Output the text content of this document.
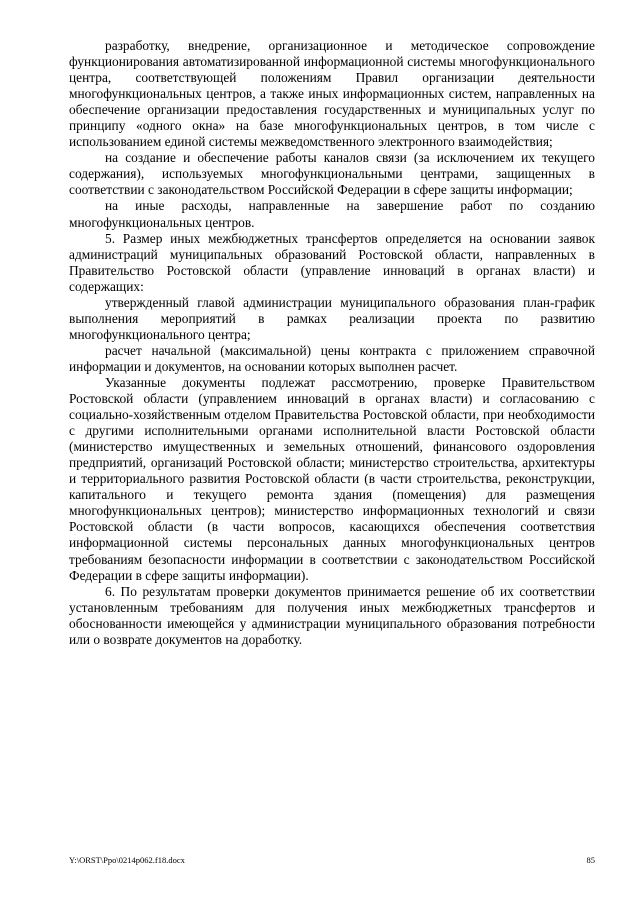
разработку, внедрение, организационное и методическое сопровождение функционирования автоматизированной информационной системы многофункционального центра, соответствующей положениям Правил организации деятельности многофункциональных центров, а также иных информационных систем, направленных на обеспечение организации предоставления государственных и муниципальных услуг по принципу «одного окна» на базе многофункциональных центров, в том числе с использованием единой системы межведомственного электронного взаимодействия;

на создание и обеспечение работы каналов связи (за исключением их текущего содержания), используемых многофункциональными центрами, защищенных в соответствии с законодательством Российской Федерации в сфере защиты информации;

на иные расходы, направленные на завершение работ по созданию многофункциональных центров.

5. Размер иных межбюджетных трансфертов определяется на основании заявок администраций муниципальных образований Ростовской области, направленных в Правительство Ростовской области (управление инноваций в органах власти) и содержащих:

утвержденный главой администрации муниципального образования план-график выполнения мероприятий в рамках реализации проекта по развитию многофункционального центра;

расчет начальной (максимальной) цены контракта с приложением справочной информации и документов, на основании которых выполнен расчет.

Указанные документы подлежат рассмотрению, проверке Правительством Ростовской области (управлением инноваций в органах власти) и согласованию с социально-хозяйственным отделом Правительства Ростовской области, при необходимости с другими исполнительными органами исполнительной власти Ростовской области (министерство имущественных и земельных отношений, финансового оздоровления предприятий, организаций Ростовской области; министерство строительства, архитектуры и территориального развития Ростовской области (в части строительства, реконструкции, капитального и текущего ремонта здания (помещения) для размещения многофункциональных центров); министерство информационных технологий и связи Ростовской области (в части вопросов, касающихся обеспечения соответствия информационной системы персональных данных многофункциональных центров требованиям безопасности информации в соответствии с законодательством Российской Федерации в сфере защиты информации).

6. По результатам проверки документов принимается решение об их соответствии установленным требованиям для получения иных межбюджетных трансфертов и обоснованности имеющейся у администрации муниципального образования потребности или о возврате документов на доработку.

Y:\ORST\Ppo\0214p062.f18.docx	85
